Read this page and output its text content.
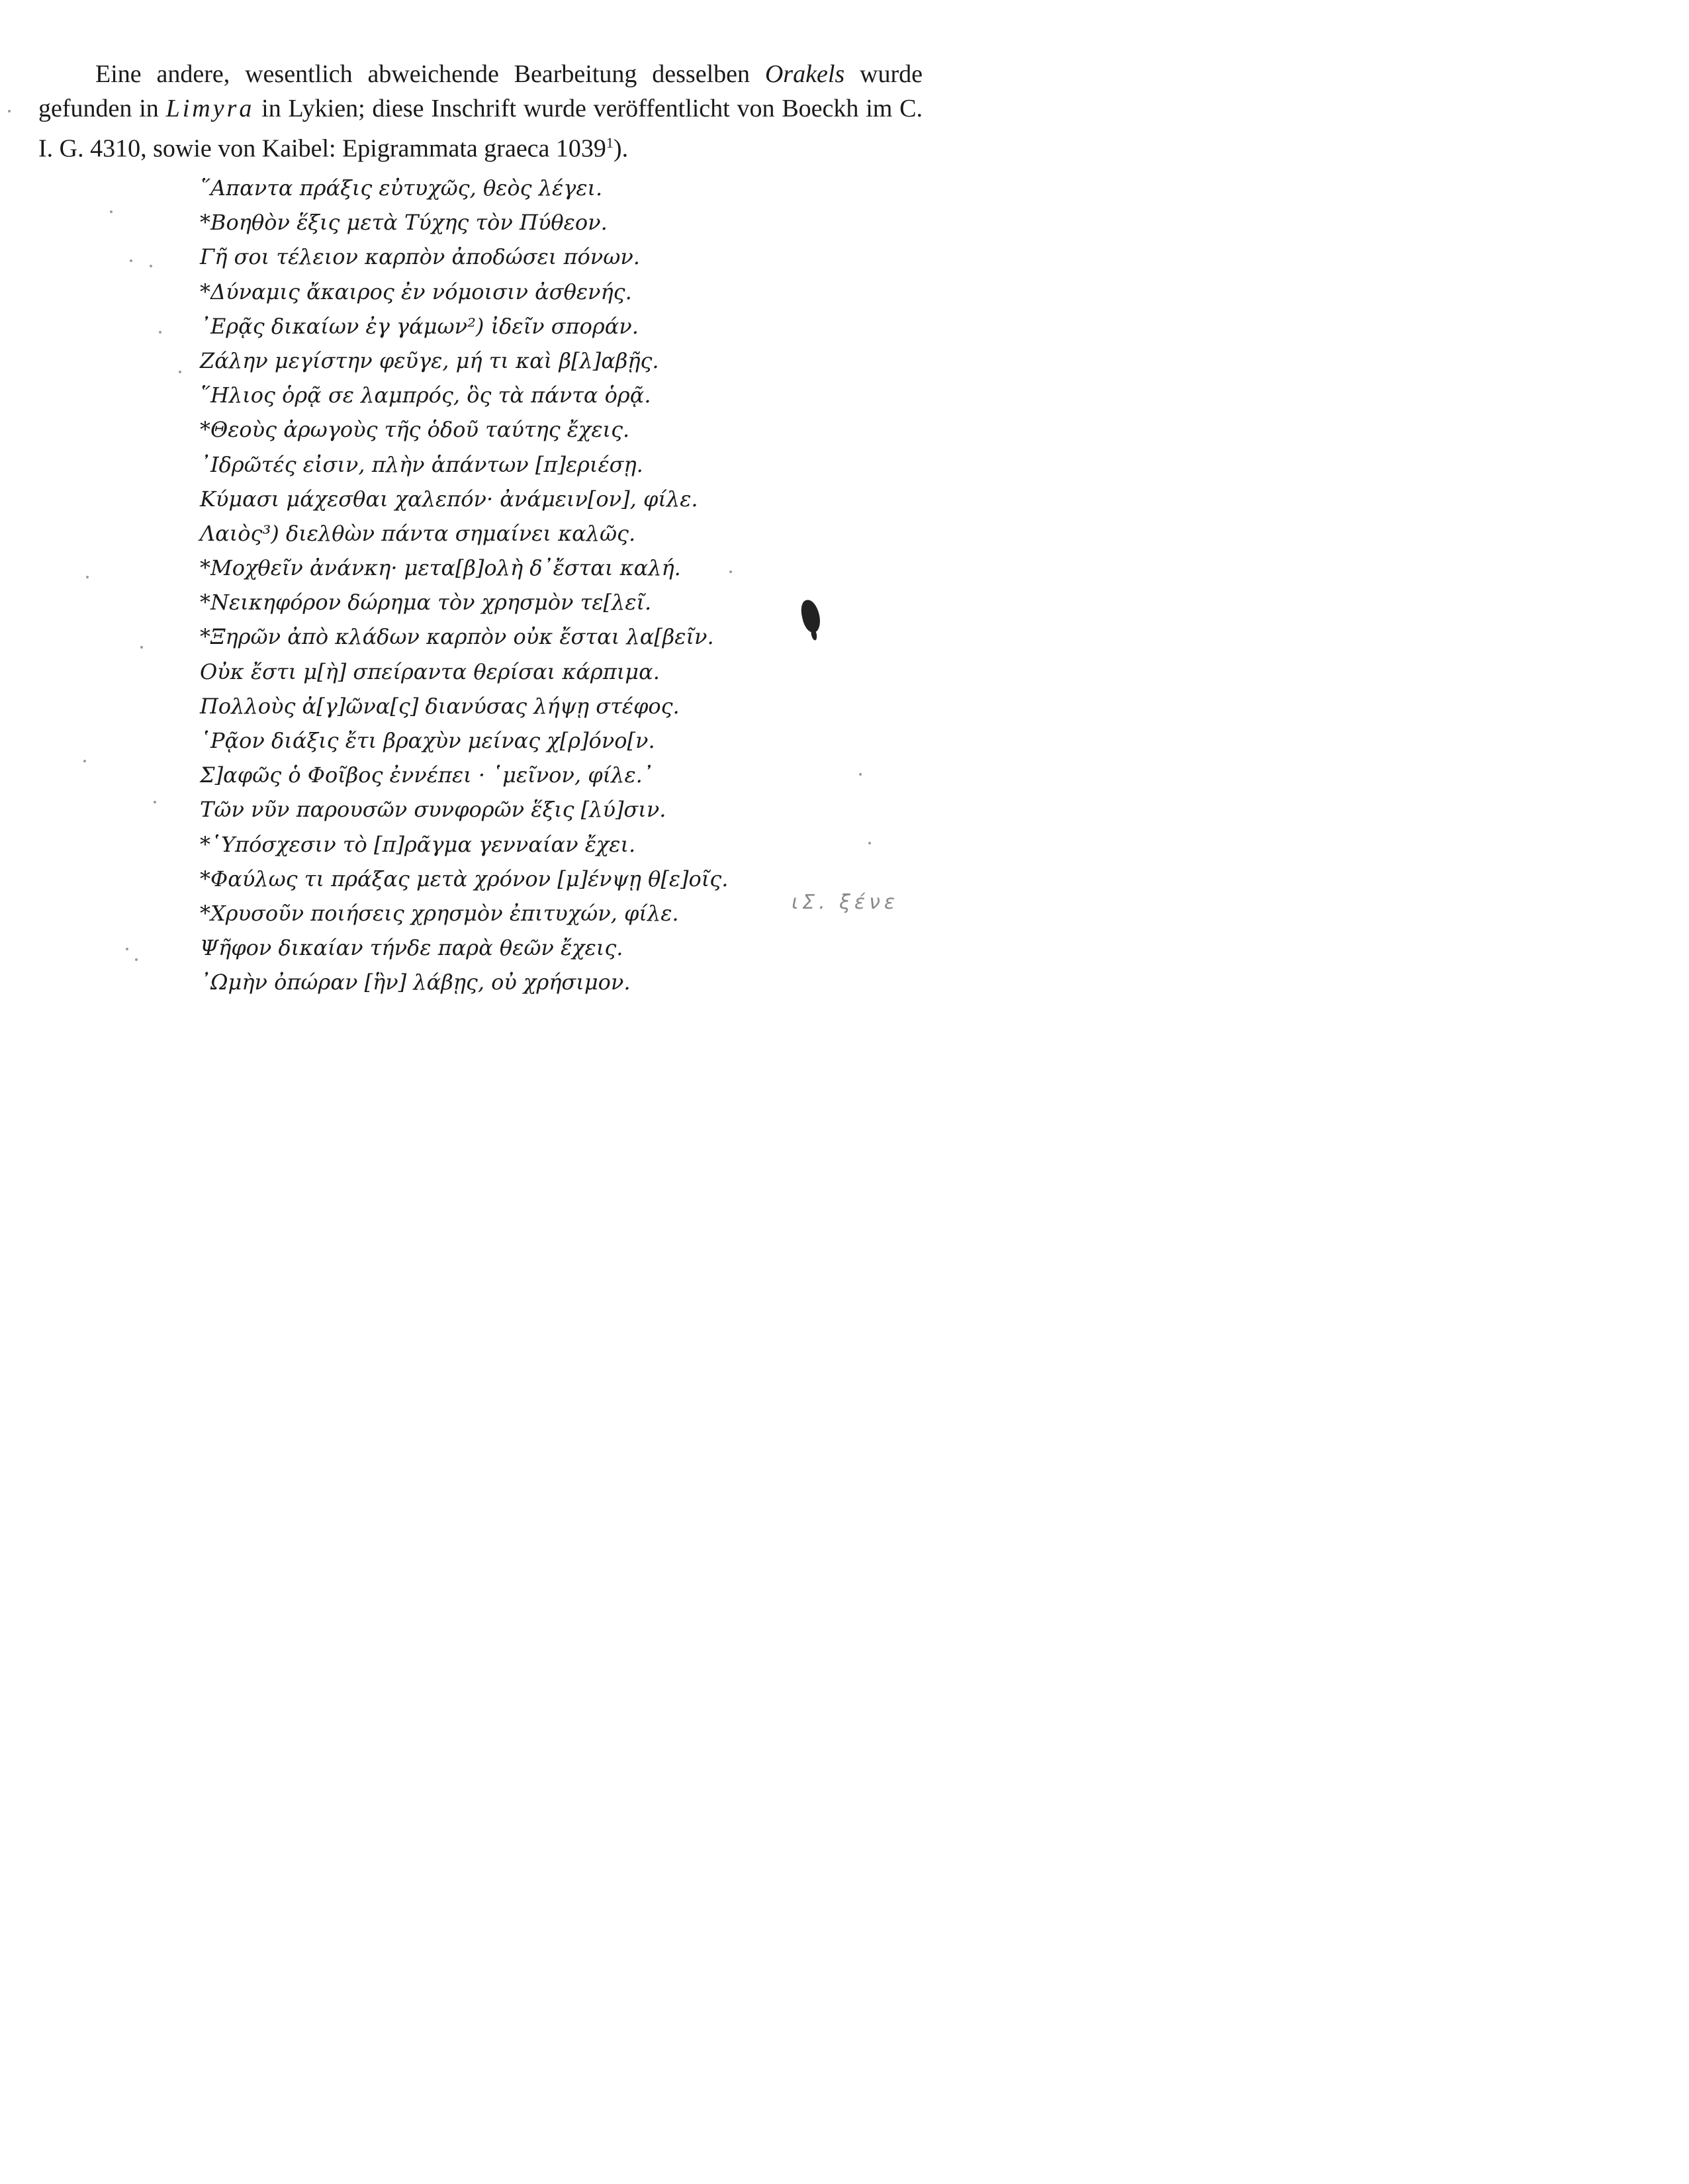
Eine andere, wesentlich abweichende Bearbeitung desselben Orakels wurde gefunden in Limyra in Lykien; diese Inschrift wurde veröffentlicht von Boeckh im C. I. G. 4310, sowie von Kaibel: Epigrammata graeca 1039$^1$).

῞Απαντα πράξις εὐτυχῶς, θεὸς λέγει.
*Βοηθὸν ἕξις μετὰ Τύχης τὸν Πύθεον.
Γῆ σοι τέλειον καρπὸν ἀποδώσει πόνων.
*Δύναμις ἄκαιρος ἐν νόμοισιν ἀσθενής.
᾿Ερᾷς δικαίων ἐγ γάμων²) ἰδεῖν σποράν.
Ζάλην μεγίστην φεῦγε, μή τι καὶ β[λ]αβῇς.
῞Ηλιος ὁρᾷ σε λαμπρός, ὃς τὰ πάντα ὁρᾷ.
*Θεοὺς ἀρωγοὺς τῆς ὁδοῦ ταύτης ἔχεις.
᾿Ιδρῶτές εἰσιν, πλὴν ἁπάντων [π]εριέσῃ.
Κύμασι μάχεσθαι χαλεπόν· ἀνάμειν[ον], φίλε.
Λαιὸς³) διελθὼν πάντα σημαίνει καλῶς.
*Μοχθεῖν ἀνάνκη· μετα[β]ολὴ δ᾿ἔσται καλή.
*Νεικηφόρον δώρημα τὸν χρησμὸν τε[λεῖ.
*Ξηρῶν ἀπὸ κλάδων καρπὸν οὐκ ἔσται λα[βεῖν.
Οὐκ ἔστι μ[ὴ] σπείραντα θερίσαι κάρπιμα.
Πολλοὺς ἀ[γ]ῶνα[ς] διανύσας λήψῃ στέφος.
῾Ρᾷον διάξις ἔτι βραχὺν μείνας χ[ρ]όνο[ν.
Σ]αφῶς ὁ Φοῖβος ἐννέπει · ῾μεῖνον, φίλε.᾿
Τῶν νῦν παρουσῶν συνφορῶν ἕξις [λύ]σιν.
*῾Υπόσχεσιν τὸ [π]ρᾶγμα γενναίαν ἔχει.
*Φαύλως τι πράξας μετὰ χρόνον [μ]ένψῃ θ[ε]οῖς.
*Χρυσοῦν ποιήσεις χρησμὸν ἐπιτυχών, φίλε.
Ψῆφον δικαίαν τήνδε παρὰ θεῶν ἔχεις.
᾿Ωμὴν ὀπώραν [ἣν] λάβῃς, οὐ χρήσιμον.
ιΣ. ξένε
